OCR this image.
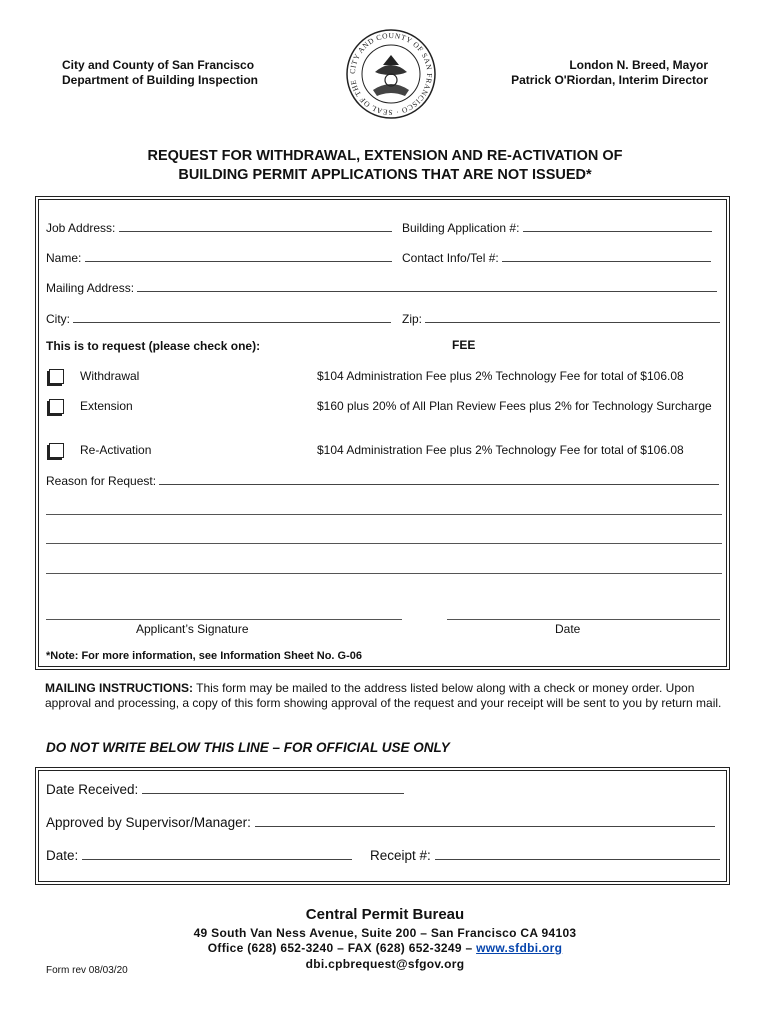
City and County of San Francisco
Department of Building Inspection
CITY AND COUNTY OF SAN FRANCISCO · SEAL OF THE
London N. Breed, Mayor
Patrick O'Riordan, Interim Director
REQUEST FOR WITHDRAWAL, EXTENSION AND RE-ACTIVATION OF
BUILDING PERMIT APPLICATIONS THAT ARE NOT ISSUED*
Job Address:	Building Application #:
Name:	Contact Info/Tel #:
Mailing Address:
City:	Zip:
This is to request (please check one):	FEE
Withdrawal	$104 Administration Fee plus 2% Technology Fee for total of $106.08
Extension	$160 plus 20% of All Plan Review Fees plus 2% for Technology Surcharge
Re-Activation	$104 Administration Fee plus 2% Technology Fee for total of $106.08
Reason for Request:
Applicant’s Signature	Date
*Note: For more information, see Information Sheet No. G-06
MAILING INSTRUCTIONS: This form may be mailed to the address listed below along with a check or money order. Upon approval and processing, a copy of this form showing approval of the request and your receipt will be sent to you by return mail.
DO NOT WRITE BELOW THIS LINE – FOR OFFICIAL USE ONLY
Date Received:
Approved by Supervisor/Manager:
Date:	Receipt #:
Central Permit Bureau
49 South Van Ness Avenue, Suite 200 – San Francisco CA 94103
Office (628) 652-3240 – FAX (628) 652-3249 – www.sfdbi.org
dbi.cpbrequest@sfgov.org
Form rev 08/03/20
